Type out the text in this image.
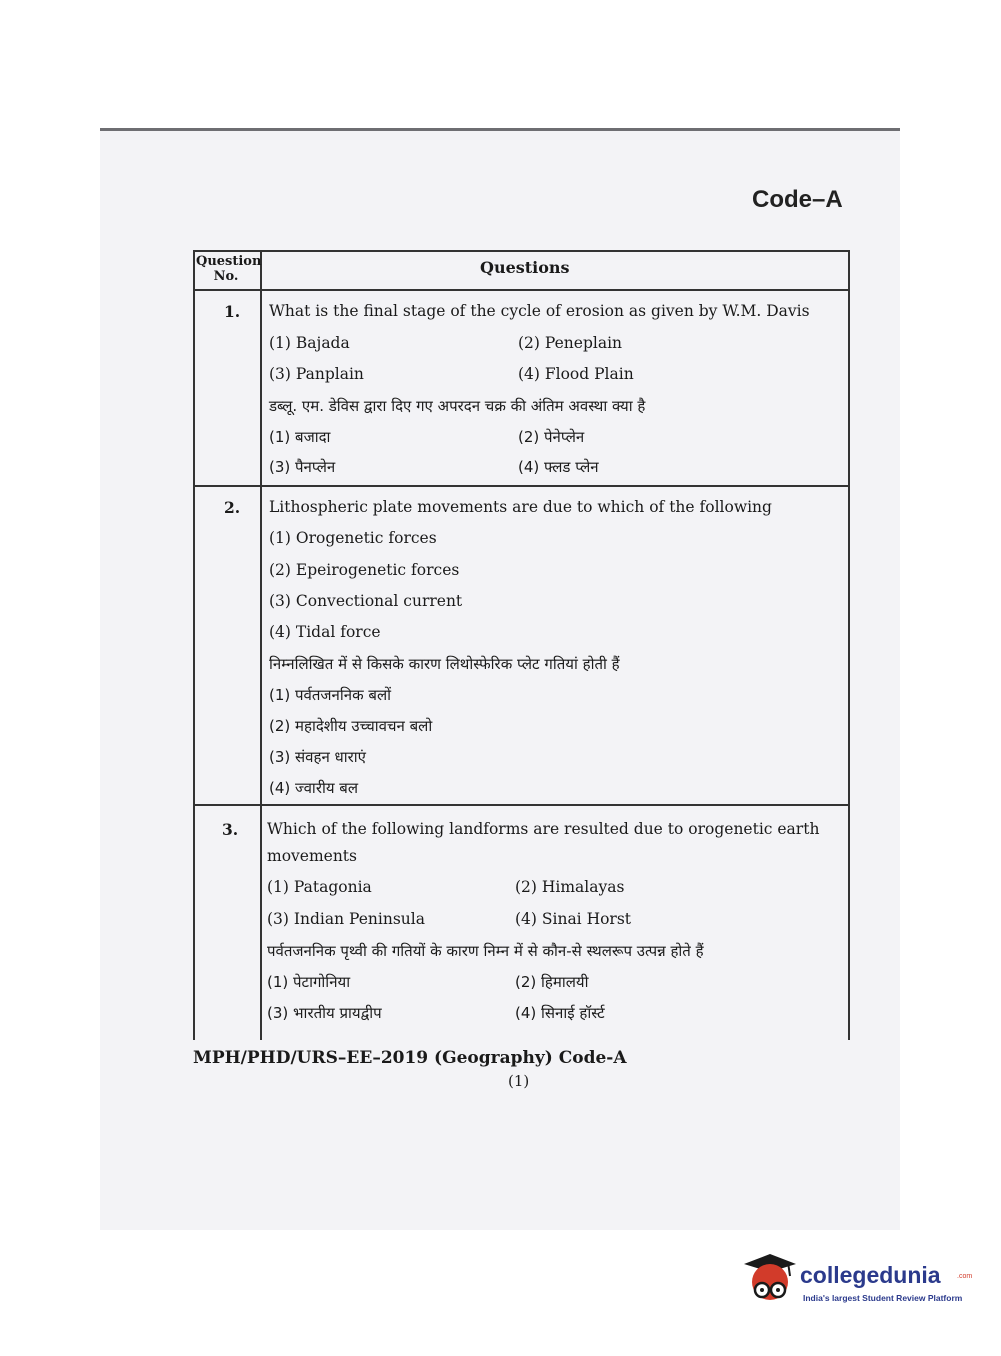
Code–A
Question No.	Questions
1. What is the final stage of the cycle of erosion as given by W.M. Davis
(1) Bajada	(2) Peneplain
(3) Panplain	(4) Flood Plain
डब्लू. एम. डेविस द्वारा दिए गए अपरदन चक्र की अंतिम अवस्था क्या है
(1) बजादा	(2) पेनेप्लेन
(3) पैनप्लेन	(4) फ्लड प्लेन
2. Lithospheric plate movements are due to which of the following
(1) Orogenetic forces
(2) Epeirogenetic forces
(3) Convectional current
(4) Tidal force
निम्नलिखित में से किसके कारण लिथोस्फेरिक प्लेट गतियां होती हैं
(1) पर्वतजननिक बलों
(2) महादेशीय उच्चावचन बलो
(3) संवहन धाराएं
(4) ज्वारीय बल
3. Which of the following landforms are resulted due to orogenetic earth
movements
(1) Patagonia	(2) Himalayas
(3) Indian Peninsula	(4) Sinai Horst
पर्वतजननिक पृथ्वी की गतियों के कारण निम्न में से कौन-से स्थलरूप उत्पन्न होते हैं
(1) पेटागोनिया	(2) हिमालयी
(3) भारतीय प्रायद्वीप	(4) सिनाई हॉर्स्ट
MPH/PHD/URS–EE–2019 (Geography) Code-A
(1)
collegedunia .com
India's largest Student Review Platform
